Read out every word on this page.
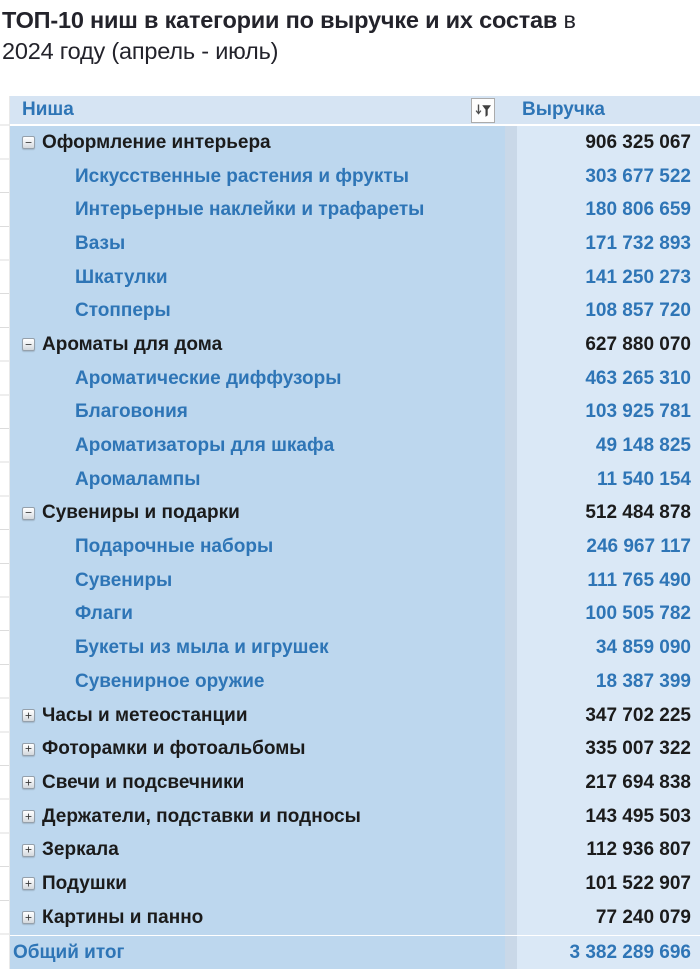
ТОП-10 ниш в категории по выручке и их состав в
2024 году (апрель - июль)
Ниша	Выручка
− Оформление интерьера	906 325 067
Искусственные растения и фрукты	303 677 522
Интерьерные наклейки и трафареты	180 806 659
Вазы	171 732 893
Шкатулки	141 250 273
Стопперы	108 857 720
− Ароматы для дома	627 880 070
Ароматические диффузоры	463 265 310
Благовония	103 925 781
Ароматизаторы для шкафа	49 148 825
Аромалампы	11 540 154
− Сувениры и подарки	512 484 878
Подарочные наборы	246 967 117
Сувениры	111 765 490
Флаги	100 505 782
Букеты из мыла и игрушек	34 859 090
Сувенирное оружие	18 387 399
+ Часы и метеостанции	347 702 225
+ Фоторамки и фотоальбомы	335 007 322
+ Свечи и подсвечники	217 694 838
+ Держатели, подставки и подносы	143 495 503
+ Зеркала	112 936 807
+ Подушки	101 522 907
+ Картины и панно	77 240 079
Общий итог	3 382 289 696
